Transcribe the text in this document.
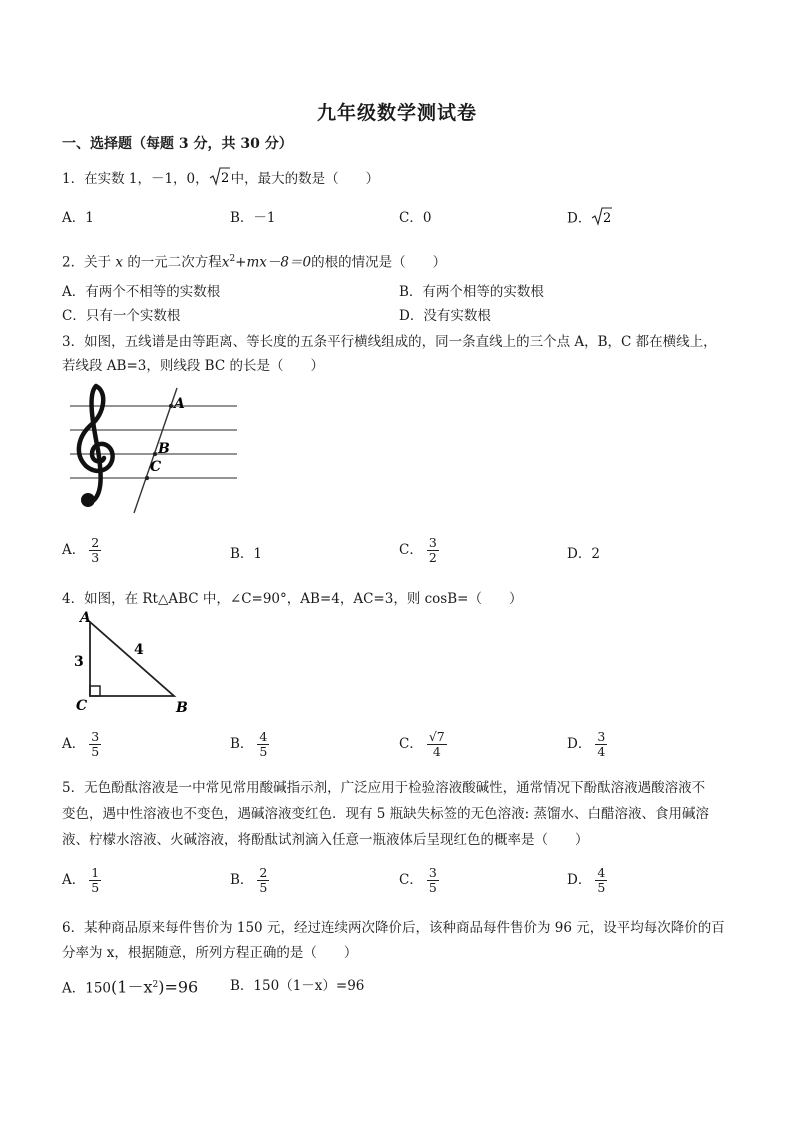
九年级数学测试卷
一、选择题（每题 3 分，共 30 分）
1．在实数 1，－1，0， 2 中，最大的数是（　　）
A．1	B．－1	C．0	D． 2
2．关于 x 的一元二次方程$x^2+mx-8=0$的根的情况是（　　）
A．有两个不相等的实数根	B．有两个相等的实数根
C．只有一个实数根	D．没有实数根
3．如图，五线谱是由等距离、等长度的五条平行横线组成的，同一条直线上的三个点 A，B，C 都在横线上，
若线段 AB=3，则线段 BC 的长是（　　）
A
B
C
A． $\frac{2}{3}$	B．1	C． $\frac{3}{2}$	D．2
4．如图，在 Rt△ABC 中，∠C=90°，AB=4，AC=3，则 cosB=（　　）
A
C	B
3
4
A． $\frac{3}{5}$	B． $\frac{4}{5}$	C． $\frac{√7}{4}$	D． $\frac{3}{4}$
5．无色酚酞溶液是一中常见常用酸碱指示剂，广泛应用于检验溶液酸碱性，通常情况下酚酞溶液遇酸溶液不
变色，遇中性溶液也不变色，遇碱溶液变红色．现有 5 瓶缺失标签的无色溶液: 蒸馏水、白醋溶液、食用碱溶
液、柠檬水溶液、火碱溶液，将酚酞试剂滴入任意一瓶液体后呈现红色的概率是（　　）
A． $\frac{1}{5}$	B． $\frac{2}{5}$	C． $\frac{3}{5}$	D． $\frac{4}{5}$
6．某种商品原来每件售价为 150 元，经过连续两次降价后，该种商品每件售价为 96 元，设平均每次降价的百
分率为 x，根据随意，所列方程正确的是（　　）
A．$150(1-x^2)=96$ B．150（1－x）=96
